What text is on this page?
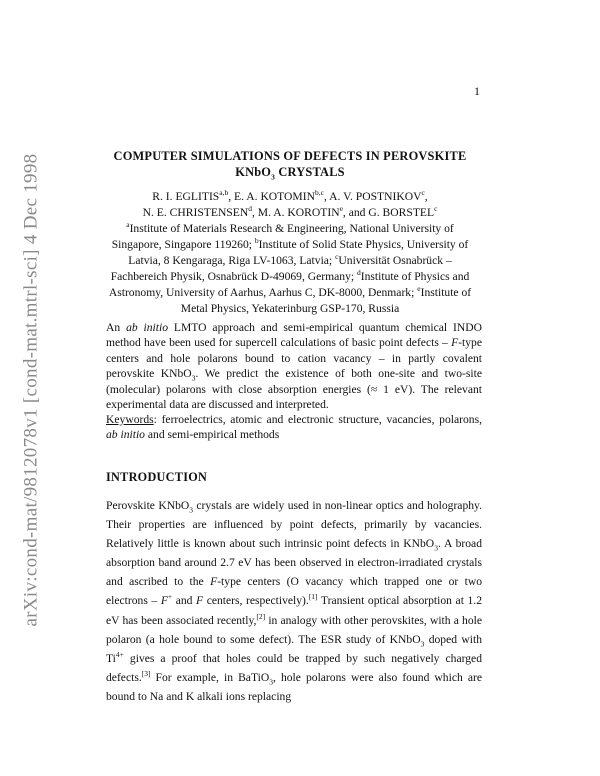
arXiv:cond-mat/9812078v1 [cond-mat.mtrl-sci] 4 Dec 1998
1
COMPUTER SIMULATIONS OF DEFECTS IN PEROVSKITE
KNbO$_3$ CRYSTALS
R. I. EGLITIS$^{a,b}$, E. A. KOTOMIN$^{b,c}$, A. V. POSTNIKOV$^c$,
N. E. CHRISTENSEN$^d$, M. A. KOROTIN$^e$, and G. BORSTEL$^c$
$^a$Institute of Materials Research & Engineering, National University of Singapore, Singapore 119260; $^b$Institute of Solid State Physics, University of Latvia, 8 Kengaraga, Riga LV-1063, Latvia; $^c$Universität Osnabrück – Fachbereich Physik, Osnabrück D-49069, Germany; $^d$Institute of Physics and Astronomy, University of Aarhus, Aarhus C, DK-8000, Denmark; $^e$Institute of Metal Physics, Yekaterinburg GSP-170, Russia
An ab initio LMTO approach and semi-empirical quantum chemical INDO method have been used for supercell calculations of basic point defects – F-type centers and hole polarons bound to cation vacancy – in partly covalent perovskite KNbO$_3$. We predict the existence of both one-site and two-site (molecular) polarons with close absorption energies (≈ 1 eV). The relevant experimental data are discussed and interpreted.
Keywords: ferroelectrics, atomic and electronic structure, vacancies, polarons, ab initio and semi-empirical methods
INTRODUCTION
Perovskite KNbO$_3$ crystals are widely used in non-linear optics and holography. Their properties are influenced by point defects, primarily by vacancies. Relatively little is known about such intrinsic point defects in KNbO$_3$. A broad absorption band around 2.7 eV has been observed in electron-irradiated crystals and ascribed to the F-type centers (O vacancy which trapped one or two electrons – F+ and F centers, respectively).[1] Transient optical absorption at 1.2 eV has been associated recently,[2] in analogy with other perovskites, with a hole polaron (a hole bound to some defect). The ESR study of KNbO$_3$ doped with $Ti^{4+}$ gives a proof that holes could be trapped by such negatively charged defects.[3] For example, in BaTiO$_3$, hole polarons were also found which are bound to Na and K alkali ions replacing
